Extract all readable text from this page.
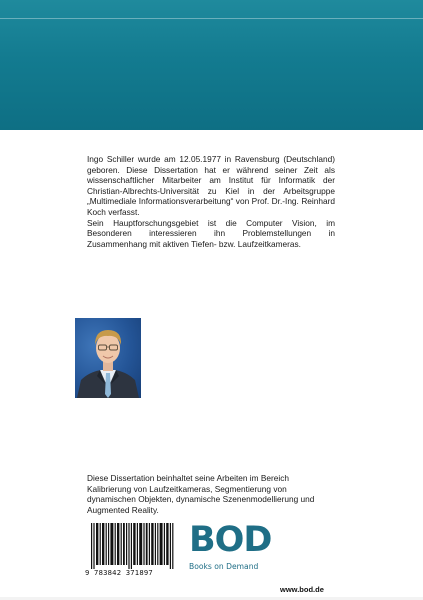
Ingo Schiller wurde am 12.05.1977 in Ravensburg (Deutschland) geboren. Diese Dissertation hat er während seiner Zeit als wissenschaftlicher Mitarbeiter am Institut für Informatik der Christian-Albrechts-Universität zu Kiel in der Arbeitsgruppe „Multimediale Informationsverarbeitung“ von Prof. Dr.-Ing. Reinhard Koch verfasst.

Sein Hauptforschungsgebiet ist die Computer Vision, im Besonderen interessieren ihn Problemstellungen in Zusammenhang mit aktiven Tiefen- bzw. Laufzeitkameras.

Diese Dissertation beinhaltet seine Arbeiten im Bereich Kalibrierung von Laufzeitkameras, Segmentierung von dynamischen Objekten, dynamische Szenenmodellierung und Augmented Reality.

9 783842 371897
BOD
Books on Demand
www.bod.de
